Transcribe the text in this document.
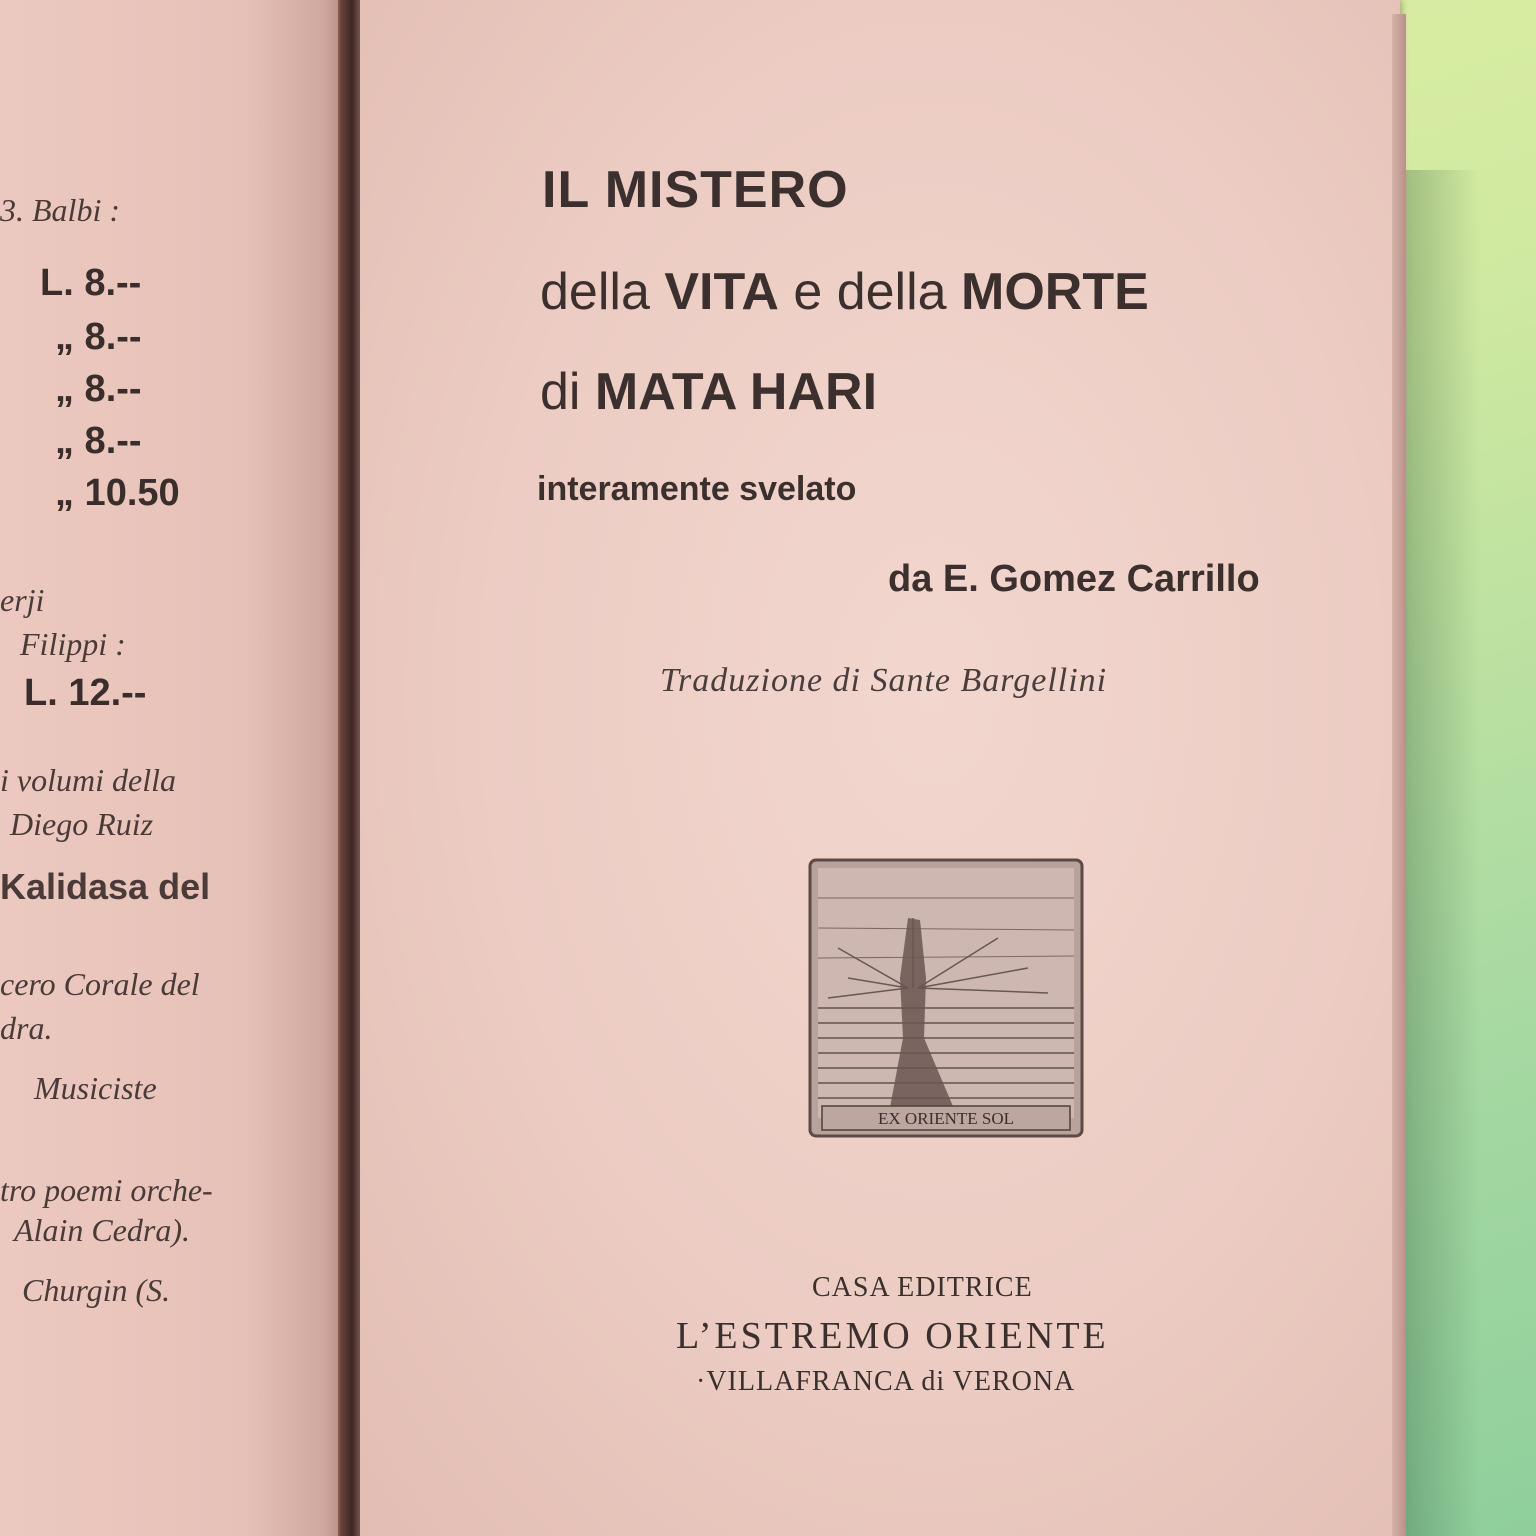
3. Balbi :
L. 8.--
„ 8.--
„ 8.--
„ 8.--
„ 10.50
erji
Filippi :
L. 12.--
i volumi della
Diego Ruiz
Kalidasa del
cero Corale del
dra.
Musiciste
tro poemi orche-
Alain Cedra).
Churgin (S.
IL MISTERO
della VITA e della MORTE
di MATA HARI
interamente svelato
da E. Gomez Carrillo
Traduzione di Sante Bargellini
EX ORIENTE SOL
CASA EDITRICE
L’ESTREMO ORIENTE
·VILLAFRANCA di VERONA
